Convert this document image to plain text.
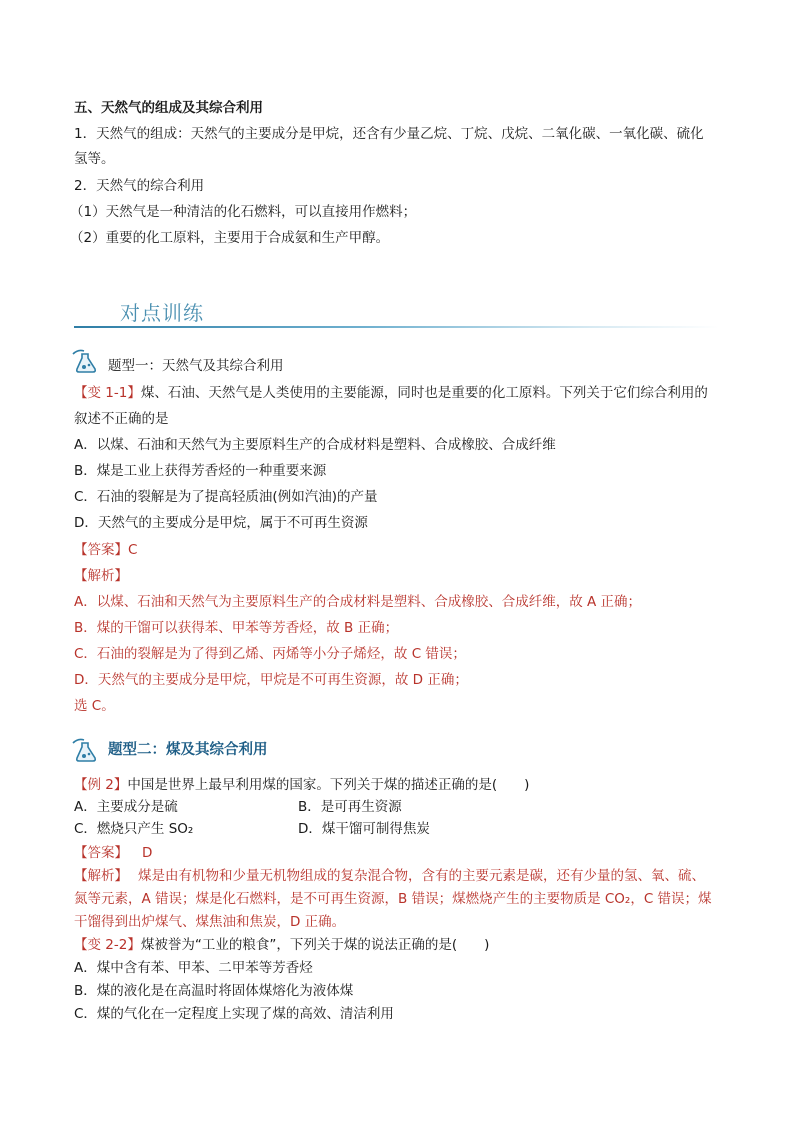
五、天然气的组成及其综合利用
1．天然气的组成：天然气的主要成分是甲烷，还含有少量乙烷、丁烷、戊烷、二氧化碳、一氧化碳、硫化
氢等。
2．天然气的综合利用
（1）天然气是一种清洁的化石燃料，可以直接用作燃料；
（2）重要的化工原料，主要用于合成氨和生产甲醇。
对点训练
题型一：天然气及其综合利用
【变 1-1】煤、石油、天然气是人类使用的主要能源，同时也是重要的化工原料。下列关于它们综合利用的
叙述不正确的是
A．以煤、石油和天然气为主要原料生产的合成材料是塑料、合成橡胶、合成纤维
B．煤是工业上获得芳香烃的一种重要来源
C．石油的裂解是为了提高轻质油(例如汽油)的产量
D．天然气的主要成分是甲烷，属于不可再生资源
【答案】C
【解析】
A．以煤、石油和天然气为主要原料生产的合成材料是塑料、合成橡胶、合成纤维，故 A 正确；
B．煤的干馏可以获得苯、甲苯等芳香烃，故 B 正确；
C．石油的裂解是为了得到乙烯、丙烯等小分子烯烃，故 C 错误；
D．天然气的主要成分是甲烷，甲烷是不可再生资源，故 D 正确；
选 C。
题型二：煤及其综合利用
【例 2】中国是世界上最早利用煤的国家。下列关于煤的描述正确的是(　　)
A．主要成分是硫	B．是可再生资源
C．燃烧只产生 SO₂	D．煤干馏可制得焦炭
【答案】 D
【解析】 煤是由有机物和少量无机物组成的复杂混合物，含有的主要元素是碳，还有少量的氢、氧、硫、
氮等元素，A 错误；煤是化石燃料，是不可再生资源，B 错误；煤燃烧产生的主要物质是 CO₂，C 错误；煤
干馏得到出炉煤气、煤焦油和焦炭，D 正确。
【变 2-2】煤被誉为“工业的粮食”，下列关于煤的说法正确的是(　　)
A．煤中含有苯、甲苯、二甲苯等芳香烃
B．煤的液化是在高温时将固体煤熔化为液体煤
C．煤的气化在一定程度上实现了煤的高效、清洁利用
